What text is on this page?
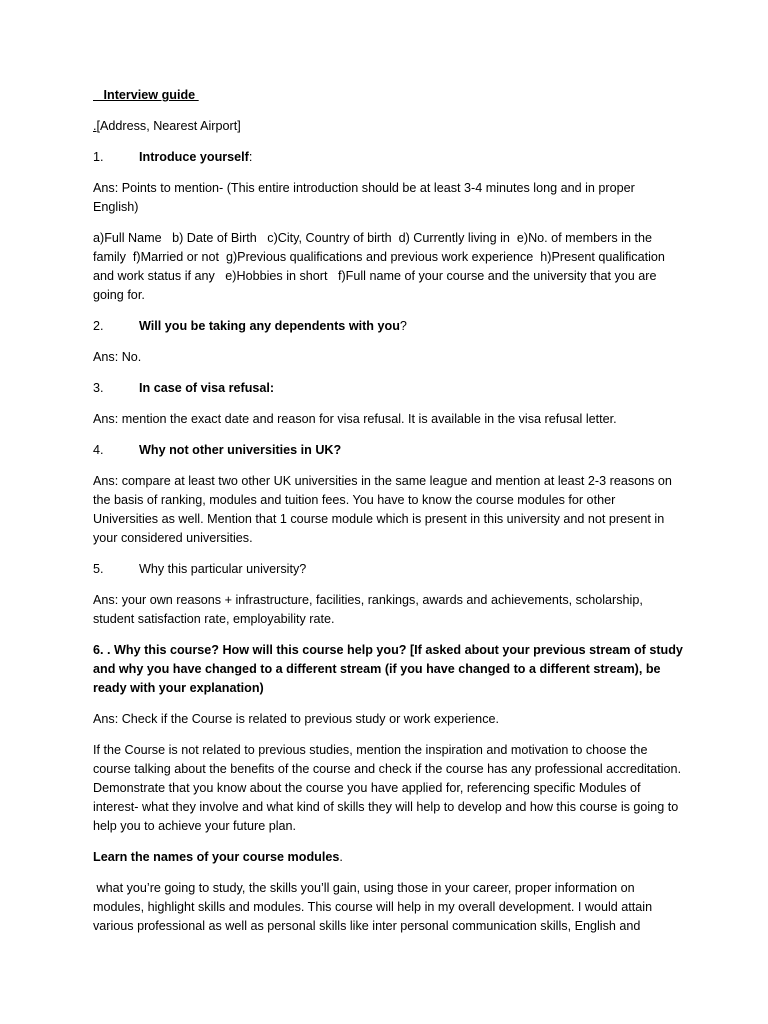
Interview guide

.[Address, Nearest Airport]

1.	Introduce yourself:

Ans: Points to mention- (This entire introduction should be at least 3-4 minutes long and in proper English)

a)Full Name   b) Date of Birth   c)City, Country of birth  d) Currently living in  e)No. of members in the family  f)Married or not  g)Previous qualifications and previous work experience  h)Present qualification and work status if any   e)Hobbies in short   f)Full name of your course and the university that you are going for.

2.	Will you be taking any dependents with you?

Ans: No.

3.	In case of visa refusal:

Ans: mention the exact date and reason for visa refusal. It is available in the visa refusal letter.

4.	Why not other universities in UK?

Ans: compare at least two other UK universities in the same league and mention at least 2-3 reasons on the basis of ranking, modules and tuition fees. You have to know the course modules for other Universities as well. Mention that 1 course module which is present in this university and not present in your considered universities.

5.	Why this particular university?

Ans: your own reasons + infrastructure, facilities, rankings, awards and achievements, scholarship, student satisfaction rate, employability rate.

6. . Why this course? How will this course help you? [If asked about your previous stream of study and why you have changed to a different stream (if you have changed to a different stream), be ready with your explanation)

Ans: Check if the Course is related to previous study or work experience.

If the Course is not related to previous studies, mention the inspiration and motivation to choose the course talking about the benefits of the course and check if the course has any professional accreditation. Demonstrate that you know about the course you have applied for, referencing specific Modules of interest- what they involve and what kind of skills they will help to develop and how this course is going to help you to achieve your future plan.

Learn the names of your course modules.

what you’re going to study, the skills you’ll gain, using those in your career, proper information on modules, highlight skills and modules. This course will help in my overall development. I would attain various professional as well as personal skills like inter personal communication skills, English and
